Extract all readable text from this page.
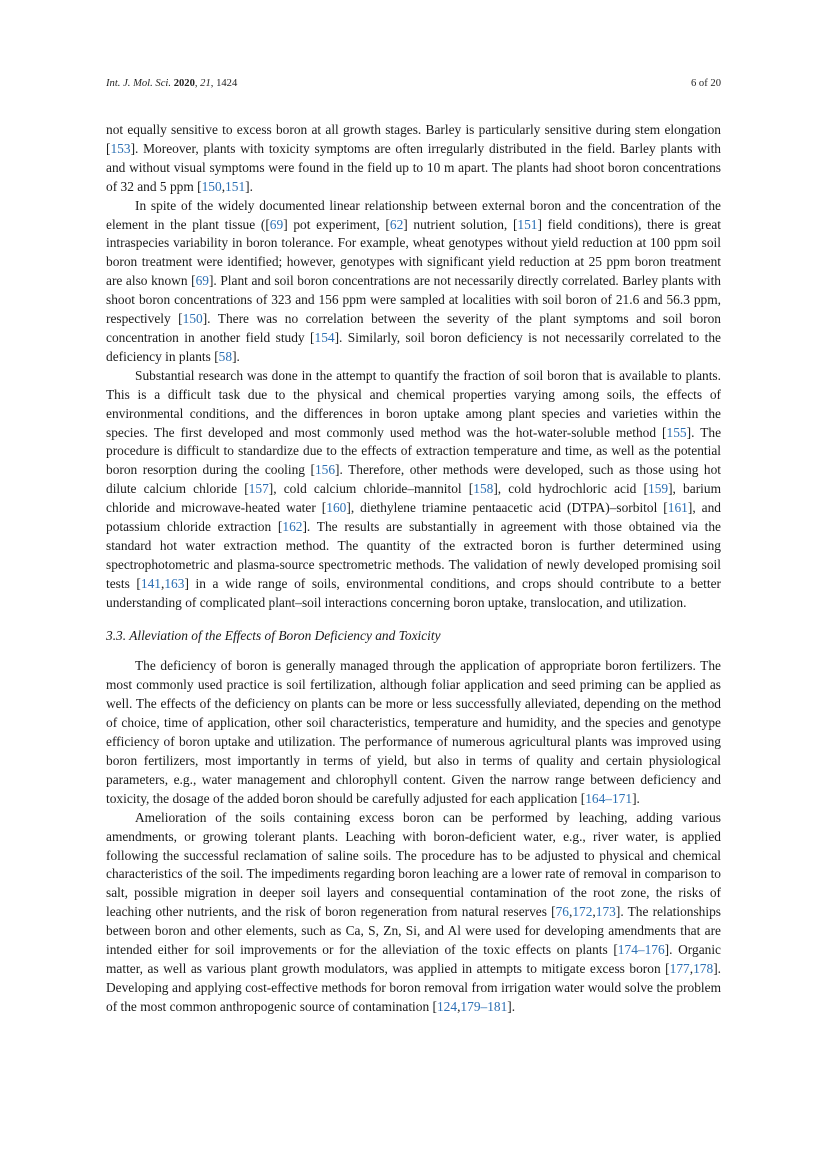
Int. J. Mol. Sci. 2020, 21, 1424	6 of 20

not equally sensitive to excess boron at all growth stages. Barley is particularly sensitive during stem elongation [153]. Moreover, plants with toxicity symptoms are often irregularly distributed in the field. Barley plants with and without visual symptoms were found in the field up to 10 m apart. The plants had shoot boron concentrations of 32 and 5 ppm [150,151].

In spite of the widely documented linear relationship between external boron and the concentration of the element in the plant tissue ([69] pot experiment, [62] nutrient solution, [151] field conditions), there is great intraspecies variability in boron tolerance. For example, wheat genotypes without yield reduction at 100 ppm soil boron treatment were identified; however, genotypes with significant yield reduction at 25 ppm boron treatment are also known [69]. Plant and soil boron concentrations are not necessarily directly correlated. Barley plants with shoot boron concentrations of 323 and 156 ppm were sampled at localities with soil boron of 21.6 and 56.3 ppm, respectively [150]. There was no correlation between the severity of the plant symptoms and soil boron concentration in another field study [154]. Similarly, soil boron deficiency is not necessarily correlated to the deficiency in plants [58].

Substantial research was done in the attempt to quantify the fraction of soil boron that is available to plants. This is a difficult task due to the physical and chemical properties varying among soils, the effects of environmental conditions, and the differences in boron uptake among plant species and varieties within the species. The first developed and most commonly used method was the hot-water-soluble method [155]. The procedure is difficult to standardize due to the effects of extraction temperature and time, as well as the potential boron resorption during the cooling [156]. Therefore, other methods were developed, such as those using hot dilute calcium chloride [157], cold calcium chloride–mannitol [158], cold hydrochloric acid [159], barium chloride and microwave-heated water [160], diethylene triamine pentaacetic acid (DTPA)–sorbitol [161], and potassium chloride extraction [162]. The results are substantially in agreement with those obtained via the standard hot water extraction method. The quantity of the extracted boron is further determined using spectrophotometric and plasma-source spectrometric methods. The validation of newly developed promising soil tests [141,163] in a wide range of soils, environmental conditions, and crops should contribute to a better understanding of complicated plant–soil interactions concerning boron uptake, translocation, and utilization.

3.3. Alleviation of the Effects of Boron Deficiency and Toxicity

The deficiency of boron is generally managed through the application of appropriate boron fertilizers. The most commonly used practice is soil fertilization, although foliar application and seed priming can be applied as well. The effects of the deficiency on plants can be more or less successfully alleviated, depending on the method of choice, time of application, other soil characteristics, temperature and humidity, and the species and genotype efficiency of boron uptake and utilization. The performance of numerous agricultural plants was improved using boron fertilizers, most importantly in terms of yield, but also in terms of quality and certain physiological parameters, e.g., water management and chlorophyll content. Given the narrow range between deficiency and toxicity, the dosage of the added boron should be carefully adjusted for each application [164–171].

Amelioration of the soils containing excess boron can be performed by leaching, adding various amendments, or growing tolerant plants. Leaching with boron-deficient water, e.g., river water, is applied following the successful reclamation of saline soils. The procedure has to be adjusted to physical and chemical characteristics of the soil. The impediments regarding boron leaching are a lower rate of removal in comparison to salt, possible migration in deeper soil layers and consequential contamination of the root zone, the risks of leaching other nutrients, and the risk of boron regeneration from natural reserves [76,172,173]. The relationships between boron and other elements, such as Ca, S, Zn, Si, and Al were used for developing amendments that are intended either for soil improvements or for the alleviation of the toxic effects on plants [174–176]. Organic matter, as well as various plant growth modulators, was applied in attempts to mitigate excess boron [177,178]. Developing and applying cost-effective methods for boron removal from irrigation water would solve the problem of the most common anthropogenic source of contamination [124,179–181].
